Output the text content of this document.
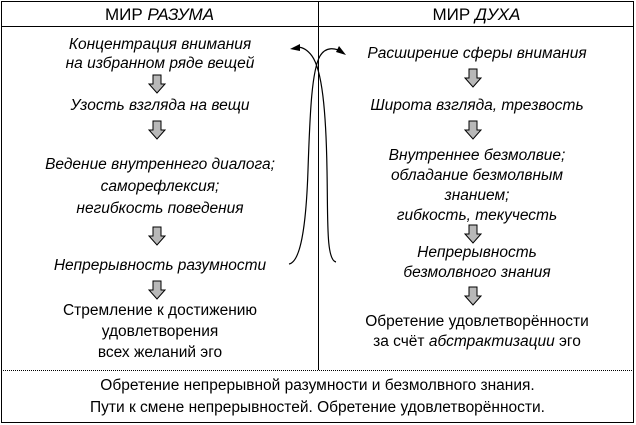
МИР РАЗУМА	МИР ДУХА
Концентрация внимания
на избранном ряде вещей
Узость взгляда на вещи
Ведение внутреннего диалога;
саморефлексия;
негибкость поведения
Непрерывность разумности
Стремление к достижению
удовлетворения
всех желаний эго
Расширение сферы внимания
Широта взгляда, трезвость
Внутреннее безмолвие;
обладание безмолвным
знанием;
гибкость, текучесть
Непрерывность
безмолвного знания
Обретение удовлетворённости
за счёт абстрактизации эго
Обретение непрерывной разумности и безмолвного знания.
Пути к смене непрерывностей. Обретение удовлетворённости.
